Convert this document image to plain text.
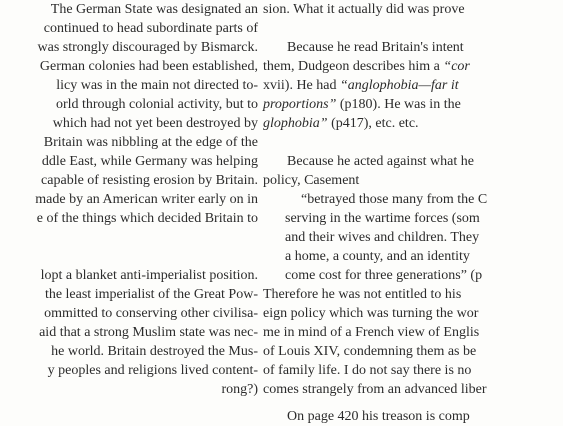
The German State was designated an
continued to head subordinate parts of
was strongly discouraged by Bismarck.
German colonies had been established,
licy was in the main not directed to-
orld through colonial activity, but to
which had not yet been destroyed by
Britain was nibbling at the edge of the
ddle East, while Germany was helping
capable of resisting erosion by Britain.
made by an American writer early on in
e of the things which decided Britain to
lopt a blanket anti-imperialist position.
the least imperialist of the Great Pow-
ommitted to conserving other civilisa-
aid that a strong Muslim state was nec-
he world. Britain destroyed the Mus-
y peoples and religions lived content-
rong?)
sion. What it actually did was prove
Because he read Britain's intent
them, Dudgeon describes him a “cor
xvii). He had “anglophobia—far it
proportions” (p180). He was in the
glophobia” (p417), etc. etc.
Because he acted against what he
policy, Casement
“betrayed those many from the C
serving in the wartime forces (som
and their wives and children. They
a home, a county, and an identity
come cost for three generations” (p
Therefore he was not entitled to his
eign policy which was turning the wor
me in mind of a French view of Englis
of Louis XIV, condemning them as be
of family life. I do not say there is no
comes strangely from an advanced liber
On page 420 his treason is comp
